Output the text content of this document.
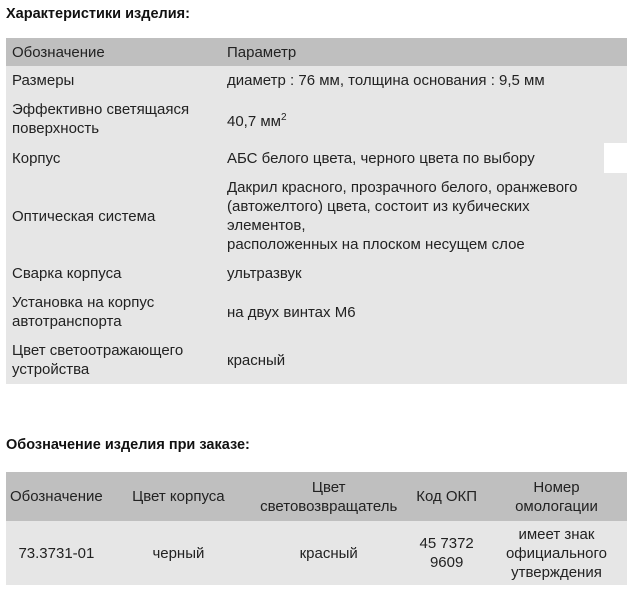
Характеристики изделия:
Обозначение	Параметр
Размеры	диаметр : 76 мм, толщина основания : 9,5 мм
Эффективно светящаяся поверхность	40,7 $мм^2$
Корпус	АБС белого цвета, черного цвета по выбору
Оптическая система	Дакрил красного, прозрачного белого, оранжевого (автожелтого) цвета, состоит из кубических элементов,
расположенных на плоском несущем слое

Сварка корпуса	ультразвук
Установка на корпус автотранспорта	на двух винтах М6
Цвет светоотражающего устройства	красный
Обозначение изделия при заказе:
Обозначение	Цвет корпуса	Цвет световозвращатель	Код ОКП	Номер омологации
73.3731-01	черный	красный	45 7372 9609	имеет знак официального утверждения
